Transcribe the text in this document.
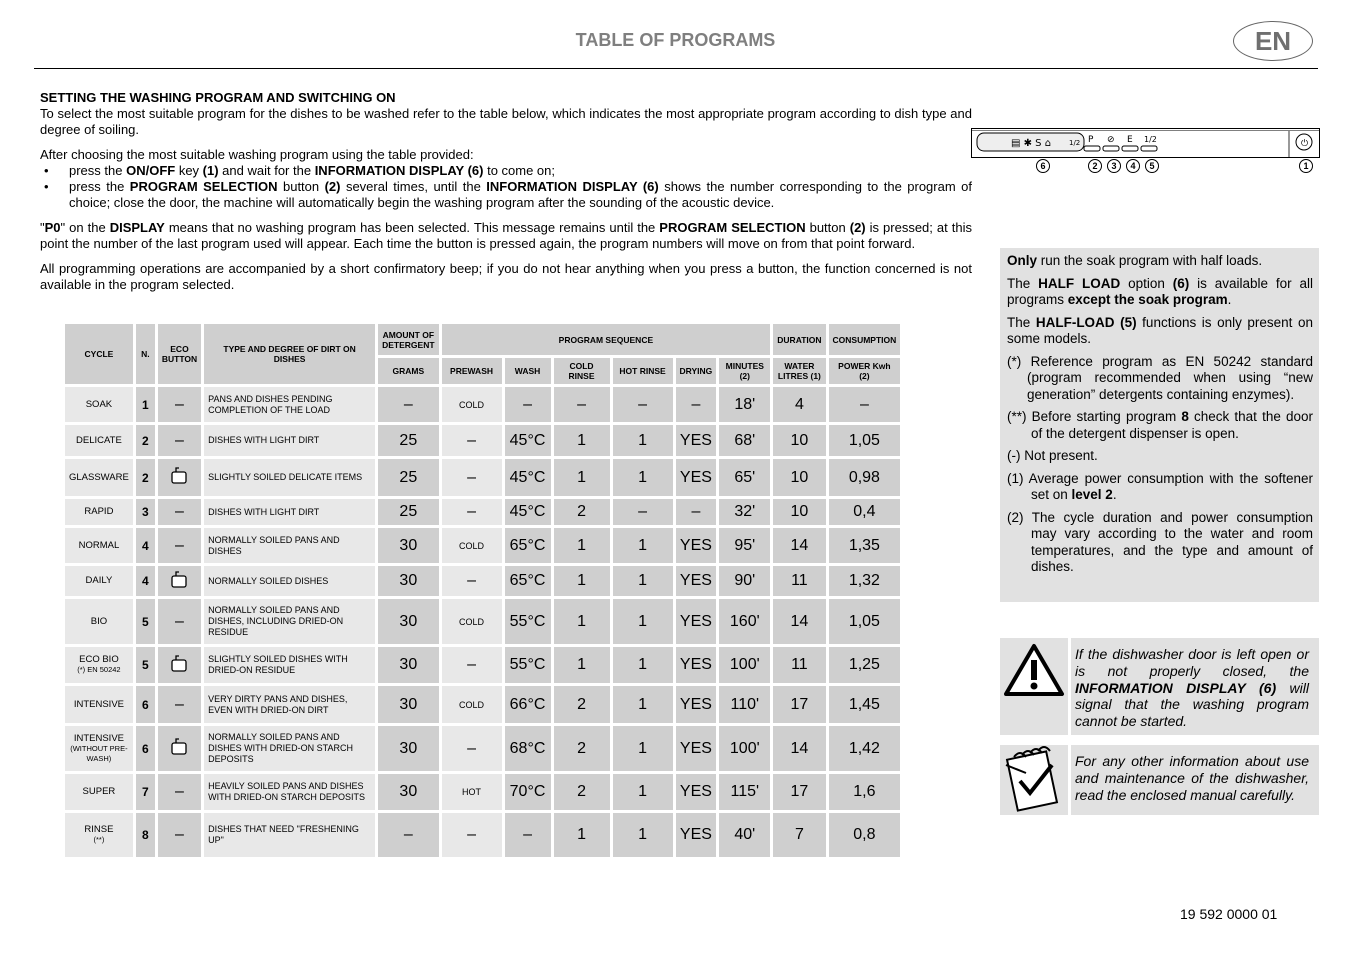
TABLE OF PROGRAMS	EN
SETTING THE WASHING PROGRAM AND SWITCHING ON

To select the most suitable program for the dishes to be washed refer to the table below, which indicates the most appropriate program according to dish type and degree of soiling.

After choosing the most suitable washing program using the table provided:
• press the ON/OFF key (1) and wait for the INFORMATION DISPLAY (6) to come on;
• press the PROGRAM SELECTION button (2) several times, until the INFORMATION DISPLAY (6) shows the number corresponding to the program of choice; close the door, the machine will automatically begin the washing program after the sounding of the acoustic device.

"P0" on the DISPLAY means that no washing program has been selected. This message remains until the PROGRAM SELECTION button (2) is pressed; at this point the number of the last program used will appear. Each time the button is pressed again, the program numbers will move on from that point forward.

All programming operations are accompanied by a short confirmatory beep; if you do not hear anything when you press a button, the function concerned is not available in the program selected.

▤ ✱ S ⌂	1/2 P ⊘ E 1/2	⏻
6	2	3	4	5	1
CYCLE	N.	ECO BUTTON	TYPE AND DEGREE OF DIRT ON DISHES	AMOUNT OF DETERGENT	PROGRAM SEQUENCE						DURATION	CONSUMPTION
				GRAMS	PREWASH	WASH	COLD RINSE	HOT RINSE	DRYING	MINUTES (2)	WATER LITRES (1)	POWER Kwh (2)

SOAK	1	–	PANS AND DISHES PENDING COMPLETION OF THE LOAD	–	COLD	–	–	–	–	18'	4	–

DELICATE	2	–	DISHES WITH LIGHT DIRT	25	–	45°C	1	1	YES	68'	10	1,05

GLASSWARE	2		SLIGHTLY SOILED DELICATE ITEMS	25	–	45°C	1	1	YES	65'	10	0,98

RAPID	3	–	DISHES WITH LIGHT DIRT	25	–	45°C	2	–	–	32'	10	0,4

NORMAL	4	–	NORMALLY SOILED PANS AND DISHES	30	COLD	65°C	1	1	YES	95'	14	1,35

DAILY	4		NORMALLY SOILED DISHES	30	–	65°C	1	1	YES	90'	11	1,32

BIO	5	–	NORMALLY SOILED PANS AND DISHES, INCLUDING DRIED-ON RESIDUE	30	COLD	55°C	1	1	YES	160'	14	1,05

ECO BIO
(*) EN 50242	5		SLIGHTLY SOILED DISHES WITH DRIED-ON RESIDUE	30	–	55°C	1	1	YES	100'	11	1,25

INTENSIVE	6	–	VERY DIRTY PANS AND DISHES, EVEN WITH DRIED-ON DIRT	30	COLD	66°C	2	1	YES	110'	17	1,45

INTENSIVE
(WITHOUT PRE-WASH)	6		NORMALLY SOILED PANS AND DISHES WITH DRIED-ON STARCH DEPOSITS	30	–	68°C	2	1	YES	100'	14	1,42

SUPER	7	–	HEAVILY SOILED PANS AND DISHES WITH DRIED-ON STARCH DEPOSITS	30	HOT	70°C	2	1	YES	115'	17	1,6

RINSE
(**)	8	–	DISHES THAT NEED "FRESHENING UP"	–	–	–	1	1	YES	40'	7	0,8

Only run the soak program with half loads.

The HALF LOAD option (6) is available for all programs except the soak program.

The HALF-LOAD (5) functions is only present on some models.

(*) Reference program as EN 50242 standard (program recommended when using “new generation” detergents containing enzymes).

(**) Before starting program 8 check that the door of the detergent dispenser is open.

(-) Not present.

(1) Average power consumption with the softener set on level 2.

(2) The cycle duration and power consumption may vary according to the water and room temperatures, and the type and amount of dishes.

If the dishwasher door is left open or is not properly closed, the INFORMATION DISPLAY (6) will signal that the washing program cannot be started.
For any other information about use and maintenance of the dishwasher, read the enclosed manual carefully.
19 592 0000 01
